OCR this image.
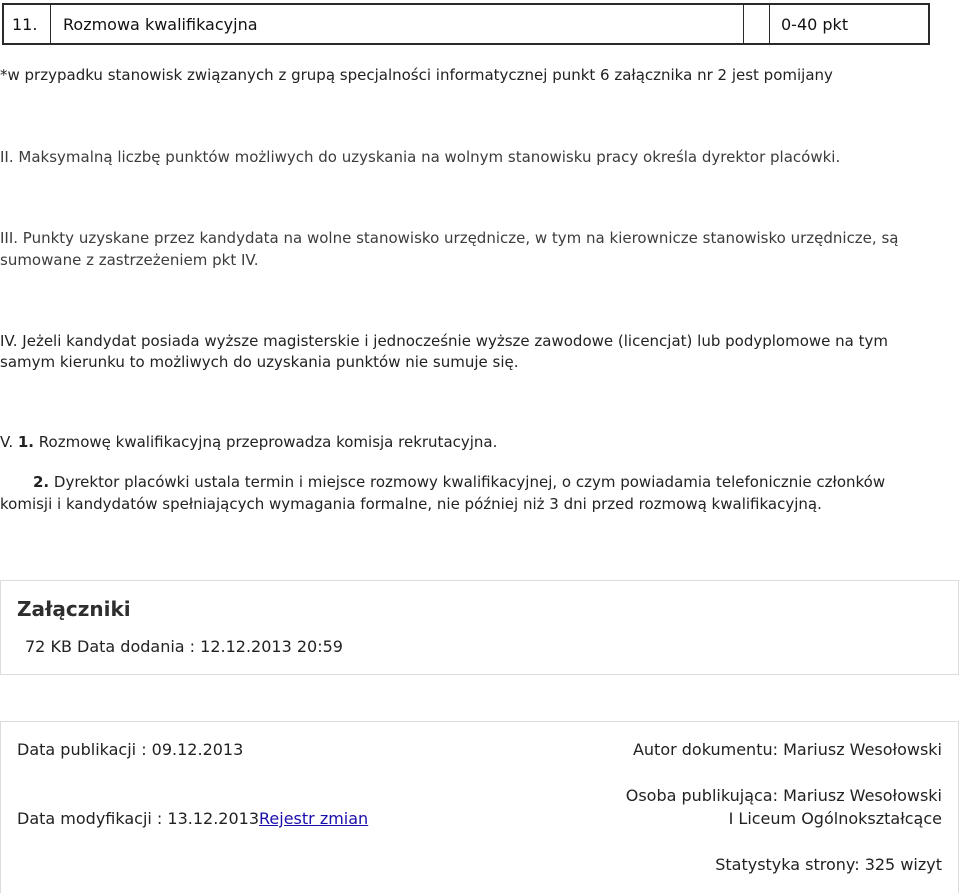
11.	Rozmowa kwalifikacyjna	0-40 pkt

*w przypadku stanowisk związanych z grupą specjalności informatycznej punkt 6 załącznika nr 2 jest pomijany

II. Maksymalną liczbę punktów możliwych do uzyskania na wolnym stanowisku pracy określa dyrektor placówki.

III. Punkty uzyskane przez kandydata na wolne stanowisko urzędnicze, w tym na kierownicze stanowisko urzędnicze, są

sumowane z zastrzeżeniem pkt IV.

IV. Jeżeli kandydat posiada wyższe magisterskie i jednocześnie wyższe zawodowe (licencjat) lub podyplomowe na tym

samym kierunku to możliwych do uzyskania punktów nie sumuje się.

V. 1. Rozmowę kwalifikacyjną przeprowadza komisja rekrutacyjna.

2. Dyrektor placówki ustala termin i miejsce rozmowy kwalifikacyjnej, o czym powiadamia telefonicznie członków

komisji i kandydatów spełniających wymagania formalne, nie później niż 3 dni przed rozmową kwalifikacyjną.

Załączniki
72 KB Data dodania : 12.12.2013 20:59
Data publikacji : 09.12.2013
Data modyfikacji : 13.12.2013Rejestr zmian
Autor dokumentu: Mariusz Wesołowski
Osoba publikująca: Mariusz Wesołowski
I Liceum Ogólnokształcące
Statystyka strony: 325 wizyt
